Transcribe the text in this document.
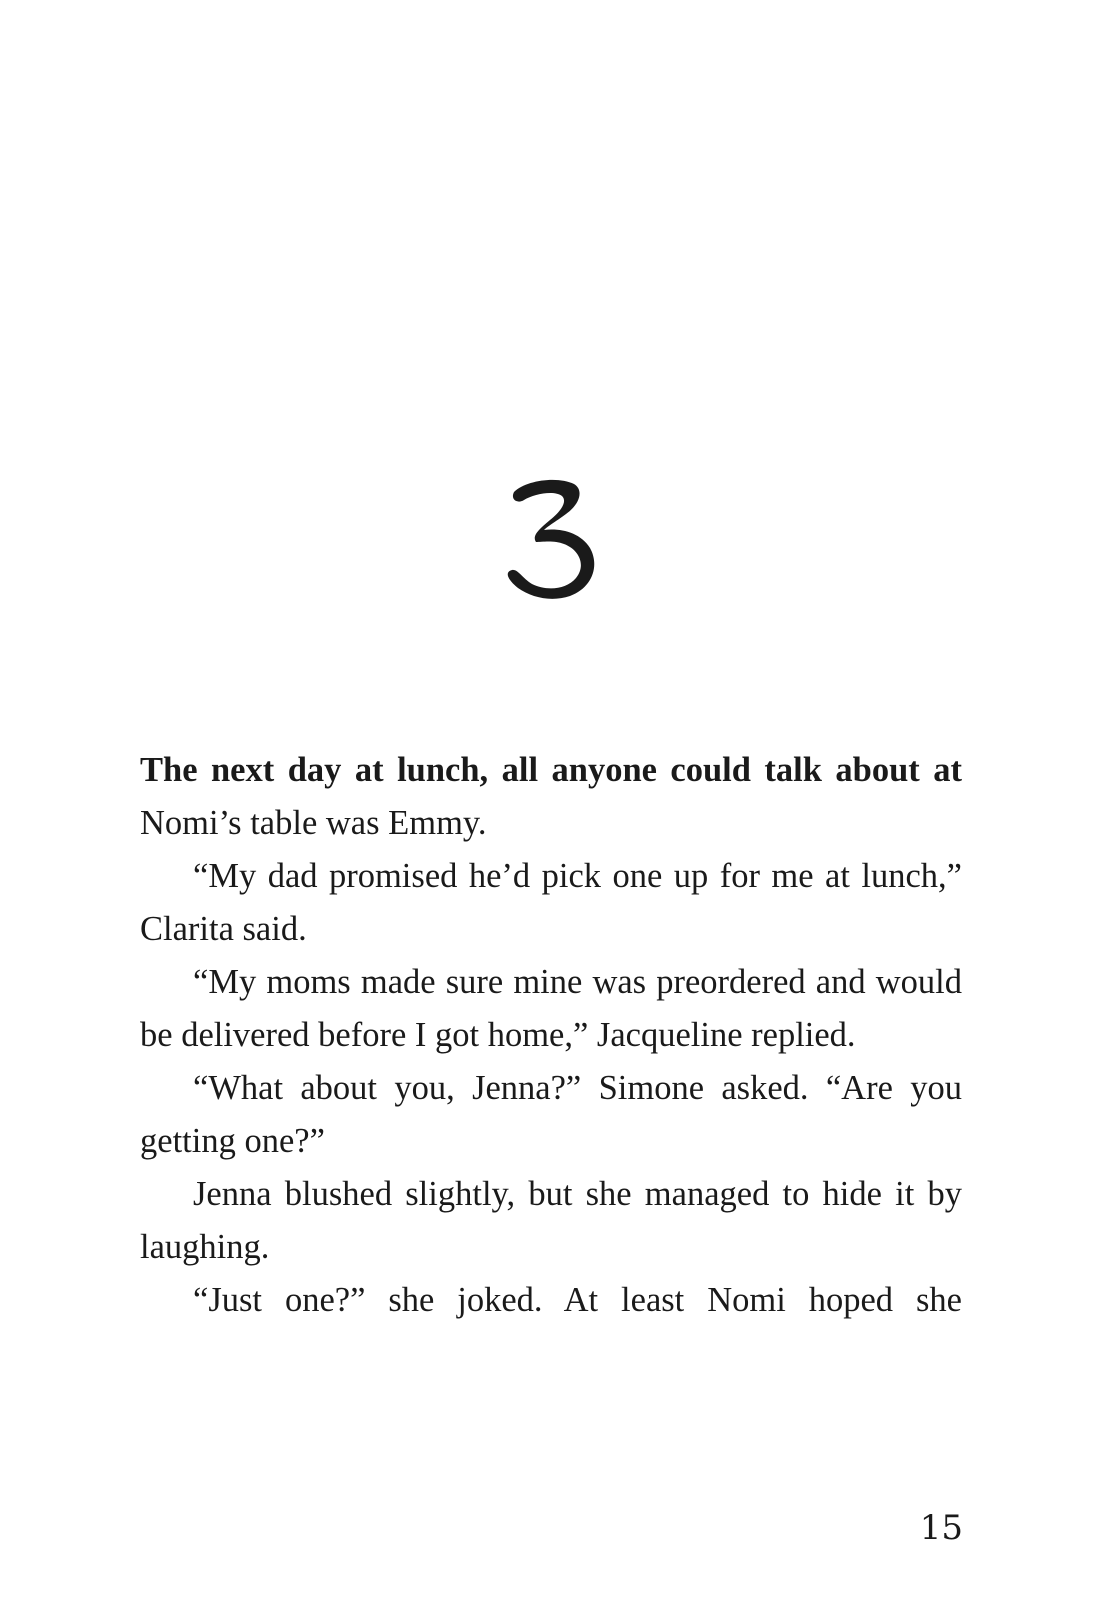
The next day at lunch, all anyone could talk about at Nomi’s table was Emmy.

“My dad promised he’d pick one up for me at lunch,” Clarita said.

“My moms made sure mine was preordered and would be delivered before I got home,” Jacqueline replied.

“What about you, Jenna?” Simone asked. “Are you getting one?”

Jenna blushed slightly, but she managed to hide it by laughing.

“Just one?” she joked. At least Nomi hoped she

15
